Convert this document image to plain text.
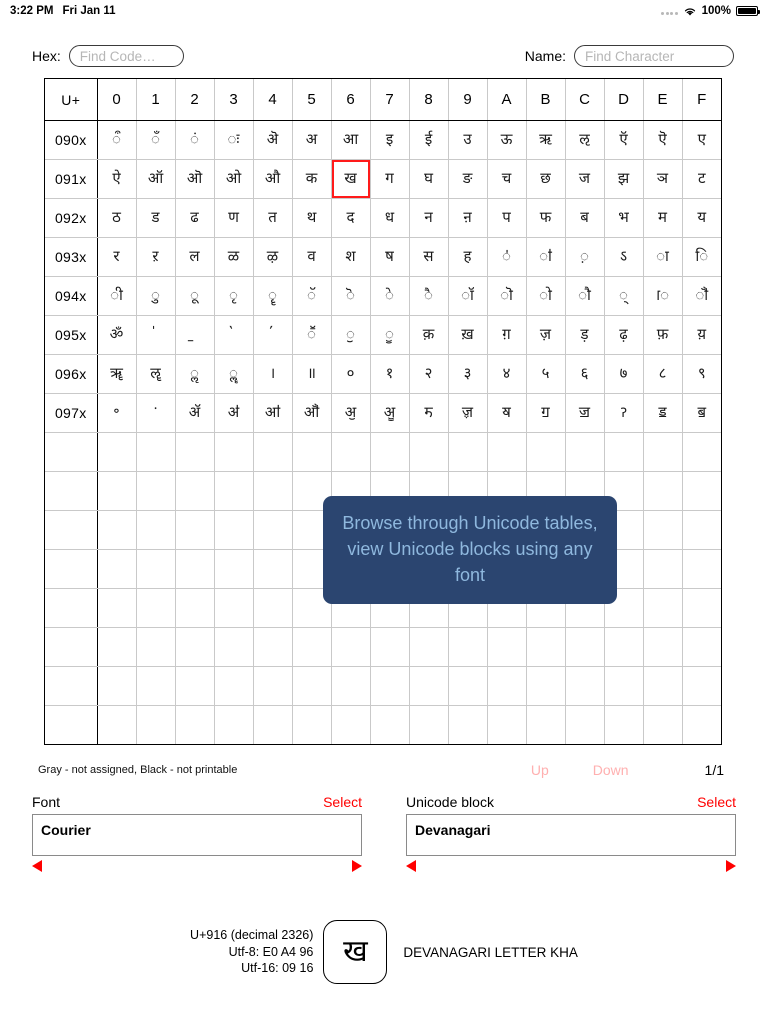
3:22 PM Fri Jan 11	100%
Hex: Find Code…	Name: Find Character
U+	0	1	2	3	4	5	6	7	8	9	A	B	C	D	E	F
090x	ऀ	ँ	ं	ः	ऄ	अ	आ	इ	ई	उ	ऊ	ऋ	ऌ	ऍ	ऎ	ए
091x	ऐ	ऑ	ऒ	ओ	औ	क	ख	ग	घ	ङ	च	छ	ज	झ	ञ	ट
092x	ठ	ड	ढ	ण	त	थ	द	ध	न	ऩ	प	फ	ब	भ	म	य
093x	र	ऱ	ल	ळ	ऴ	व	श	ष	स	ह	ऺ	ऻ	़	ऽ	ा	ि
094x	ी	ु	ू	ृ	ॄ	ॅ	ॆ	े	ै	ॉ	ॊ	ो	ौ	्	ॎ	ॏ
095x	ॐ					ॕ	ॖ	ॗ	क़	ख़	ग़	ज़	ड़	ढ़	फ़	य़
096x	ॠ	ॡ	ॢ	ॣ	।	॥	०	१	२	३	४	५	६	७	८	९
097x	॰	ॱ	ॲ	ॳ	ॴ	ॵ	ॶ	ॷ	ॸ	ॹ	ॺ	ॻ	ॼ	ॽ	ॾ	ॿ

Browse through Unicode tables, view Unicode blocks using any font
Gray - not assigned, Black - not printable	Up	Down	1/1
Font	Select
Courier
Unicode block	Select
Devanagari
U+916 (decimal 2326)
Utf-8: E0 A4 96
Utf-16: 09 16
ख	DEVANAGARI LETTER KHA
